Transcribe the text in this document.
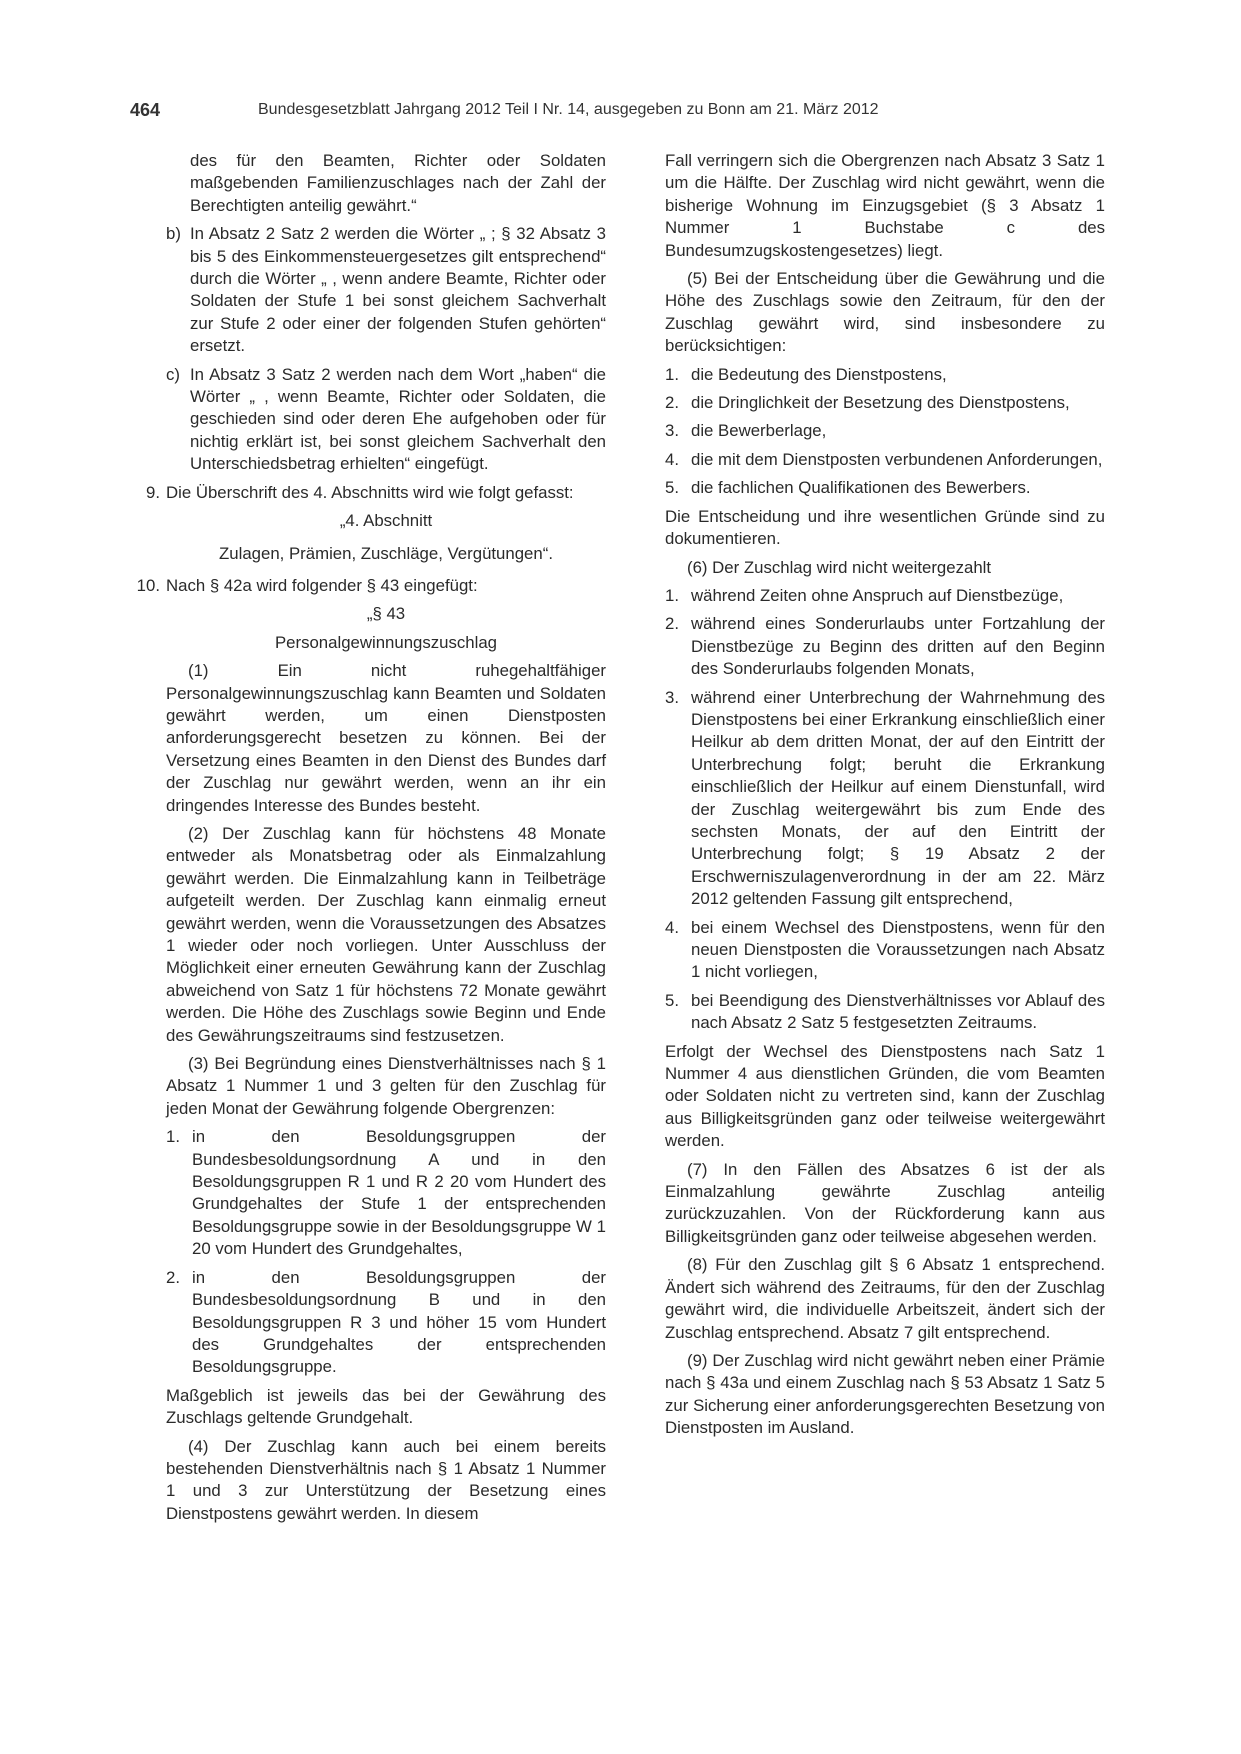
464	Bundesgesetzblatt Jahrgang 2012 Teil I Nr. 14, ausgegeben zu Bonn am 21. März 2012

des für den Beamten, Richter oder Soldaten maßgebenden Familienzuschlages nach der Zahl der Berechtigten anteilig gewährt.“

b) In Absatz 2 Satz 2 werden die Wörter „ ; § 32 Absatz 3 bis 5 des Einkommensteuergesetzes gilt entsprechend“ durch die Wörter „ , wenn andere Beamte, Richter oder Soldaten der Stufe 1 bei sonst gleichem Sachverhalt zur Stufe 2 oder einer der folgenden Stufen gehörten“ ersetzt.
c) In Absatz 3 Satz 2 werden nach dem Wort „haben“ die Wörter „ , wenn Beamte, Richter oder Soldaten, die geschieden sind oder deren Ehe aufgehoben oder für nichtig erklärt ist, bei sonst gleichem Sachverhalt den Unterschiedsbetrag erhielten“ eingefügt.
9. Die Überschrift des 4. Abschnitts wird wie folgt gefasst:
„4. Abschnitt
Zulagen, Prämien, Zuschläge, Vergütungen“.
10. Nach § 42a wird folgender § 43 eingefügt:
„§ 43
Personalgewinnungszuschlag

(1) Ein nicht ruhegehaltfähiger Personalgewinnungszuschlag kann Beamten und Soldaten gewährt werden, um einen Dienstposten anforderungsgerecht besetzen zu können. Bei der Versetzung eines Beamten in den Dienst des Bundes darf der Zuschlag nur gewährt werden, wenn an ihr ein dringendes Interesse des Bundes besteht.

(2) Der Zuschlag kann für höchstens 48 Monate entweder als Monatsbetrag oder als Einmalzahlung gewährt werden. Die Einmalzahlung kann in Teilbeträge aufgeteilt werden. Der Zuschlag kann einmalig erneut gewährt werden, wenn die Voraussetzungen des Absatzes 1 wieder oder noch vorliegen. Unter Ausschluss der Möglichkeit einer erneuten Gewährung kann der Zuschlag abweichend von Satz 1 für höchstens 72 Monate gewährt werden. Die Höhe des Zuschlags sowie Beginn und Ende des Gewährungszeitraums sind festzusetzen.

(3) Bei Begründung eines Dienstverhältnisses nach § 1 Absatz 1 Nummer 1 und 3 gelten für den Zuschlag für jeden Monat der Gewährung folgende Obergrenzen:

1. in den Besoldungsgruppen der Bundesbesoldungsordnung A und in den Besoldungsgruppen R 1 und R 2 20 vom Hundert des Grundgehaltes der Stufe 1 der entsprechenden Besoldungsgruppe sowie in der Besoldungsgruppe W 1 20 vom Hundert des Grundgehaltes,
2. in den Besoldungsgruppen der Bundesbesoldungsordnung B und in den Besoldungsgruppen R 3 und höher 15 vom Hundert des Grundgehaltes der entsprechenden Besoldungsgruppe.

Maßgeblich ist jeweils das bei der Gewährung des Zuschlags geltende Grundgehalt.

(4) Der Zuschlag kann auch bei einem bereits bestehenden Dienstverhältnis nach § 1 Absatz 1 Nummer 1 und 3 zur Unterstützung der Besetzung eines Dienstpostens gewährt werden. In diesem

Fall verringern sich die Obergrenzen nach Absatz 3 Satz 1 um die Hälfte. Der Zuschlag wird nicht gewährt, wenn die bisherige Wohnung im Einzugsgebiet (§ 3 Absatz 1 Nummer 1 Buchstabe c des Bundesumzugskostengesetzes) liegt.

(5) Bei der Entscheidung über die Gewährung und die Höhe des Zuschlags sowie den Zeitraum, für den der Zuschlag gewährt wird, sind insbesondere zu berücksichtigen:

1. die Bedeutung des Dienstpostens,
2. die Dringlichkeit der Besetzung des Dienstpostens,
3. die Bewerberlage,
4. die mit dem Dienstposten verbundenen Anforderungen,
5. die fachlichen Qualifikationen des Bewerbers.

Die Entscheidung und ihre wesentlichen Gründe sind zu dokumentieren.

(6) Der Zuschlag wird nicht weitergezahlt

1. während Zeiten ohne Anspruch auf Dienstbezüge,
2. während eines Sonderurlaubs unter Fortzahlung der Dienstbezüge zu Beginn des dritten auf den Beginn des Sonderurlaubs folgenden Monats,
3. während einer Unterbrechung der Wahrnehmung des Dienstpostens bei einer Erkrankung einschließlich einer Heilkur ab dem dritten Monat, der auf den Eintritt der Unterbrechung folgt; beruht die Erkrankung einschließlich der Heilkur auf einem Dienstunfall, wird der Zuschlag weitergewährt bis zum Ende des sechsten Monats, der auf den Eintritt der Unterbrechung folgt; § 19 Absatz 2 der Erschwerniszulagenverordnung in der am 22. März 2012 geltenden Fassung gilt entsprechend,
4. bei einem Wechsel des Dienstpostens, wenn für den neuen Dienstposten die Voraussetzungen nach Absatz 1 nicht vorliegen,
5. bei Beendigung des Dienstverhältnisses vor Ablauf des nach Absatz 2 Satz 5 festgesetzten Zeitraums.

Erfolgt der Wechsel des Dienstpostens nach Satz 1 Nummer 4 aus dienstlichen Gründen, die vom Beamten oder Soldaten nicht zu vertreten sind, kann der Zuschlag aus Billigkeitsgründen ganz oder teilweise weitergewährt werden.

(7) In den Fällen des Absatzes 6 ist der als Einmalzahlung gewährte Zuschlag anteilig zurückzuzahlen. Von der Rückforderung kann aus Billigkeitsgründen ganz oder teilweise abgesehen werden.

(8) Für den Zuschlag gilt § 6 Absatz 1 entsprechend. Ändert sich während des Zeitraums, für den der Zuschlag gewährt wird, die individuelle Arbeitszeit, ändert sich der Zuschlag entsprechend. Absatz 7 gilt entsprechend.

(9) Der Zuschlag wird nicht gewährt neben einer Prämie nach § 43a und einem Zuschlag nach § 53 Absatz 1 Satz 5 zur Sicherung einer anforderungsgerechten Besetzung von Dienstposten im Ausland.
